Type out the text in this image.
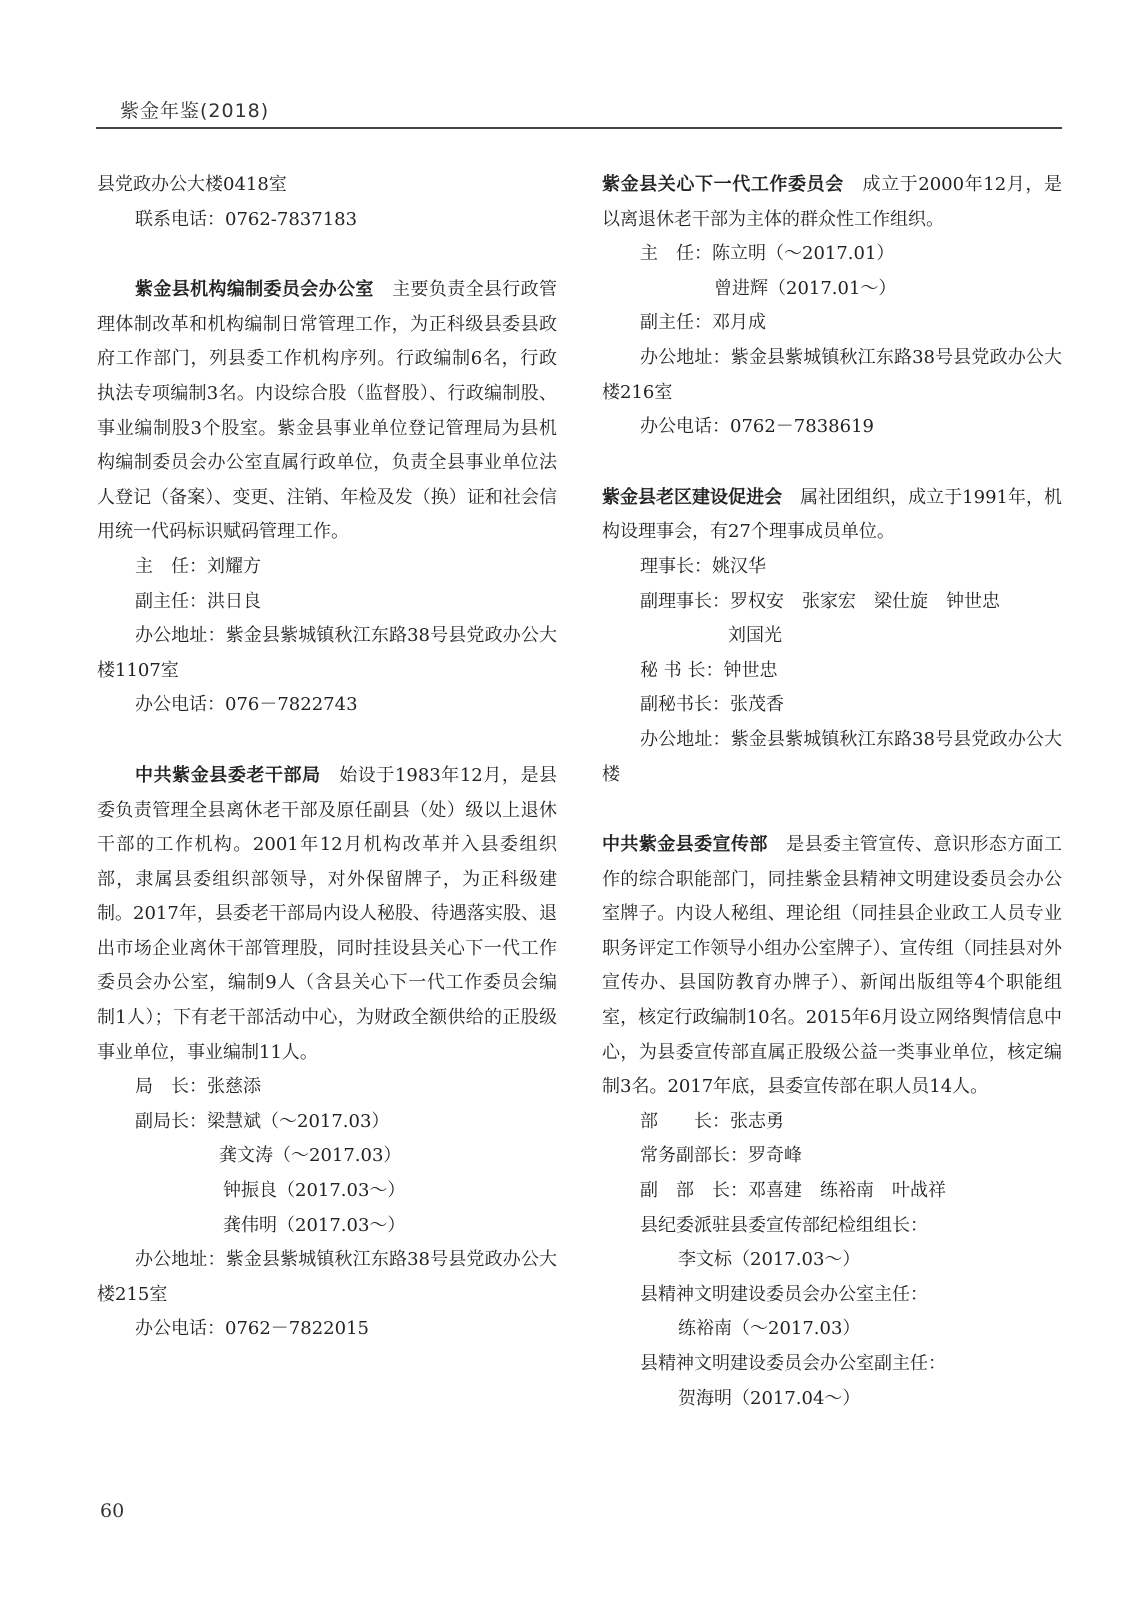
紫金年鉴(2018)

县党政办公大楼0418室

联系电话：0762-7837183

紫金县机构编制委员会办公室　 主要负责全县行政管理体制改革和机构编制日常管理工作，为正科级县委县政府工作部门，列县委工作机构序列。行政编制6名，行政执法专项编制3名。内设综合股（监督股）、行政编制股、事业编制股3个股室。紫金县事业单位登记管理局为县机构编制委员会办公室直属行政单位，负责全县事业单位法人登记（备案）、变更、注销、年检及发（换）证和社会信用统一代码标识赋码管理工作。

主　任：刘耀方

副主任：洪日良

办公地址：紫金县紫城镇秋江东路38号县党政办公大楼1107室

办公电话：076－7822743

中共紫金县委老干部局　 始设于1983年12月，是县委负责管理全县离休老干部及原任副县（处）级以上退休干部的工作机构。2001年12月机构改革并入县委组织部，隶属县委组织部领导，对外保留牌子，为正科级建制。2017年，县委老干部局内设人秘股、待遇落实股、退出市场企业离休干部管理股，同时挂设县关心下一代工作委员会办公室，编制9人（含县关心下一代工作委员会编制1人）；下有老干部活动中心，为财政全额供给的正股级事业单位，事业编制11人。

局　长：张慈添

副局长：梁慧斌（～2017.03）

龚文涛（～2017.03）

钟振良（2017.03～）

龚伟明（2017.03～）

办公地址：紫金县紫城镇秋江东路38号县党政办公大楼215室

办公电话：0762－7822015

紫金县关心下一代工作委员会　 成立于2000年12月，是以离退休老干部为主体的群众性工作组织。

主　任：陈立明（～2017.01）

曾进辉（2017.01～）

副主任：邓月成

办公地址：紫金县紫城镇秋江东路38号县党政办公大楼216室

办公电话：0762－7838619

紫金县老区建设促进会　 属社团组织，成立于1991年，机构设理事会，有27个理事成员单位。

理事长：姚汉华

副理事长：罗权安　张家宏　梁仕旋　钟世忠

刘国光

秘 书 长：钟世忠

副秘书长：张茂香

办公地址：紫金县紫城镇秋江东路38号县党政办公大楼

中共紫金县委宣传部　 是县委主管宣传、意识形态方面工作的综合职能部门，同挂紫金县精神文明建设委员会办公室牌子。内设人秘组、理论组（同挂县企业政工人员专业职务评定工作领导小组办公室牌子）、宣传组（同挂县对外宣传办、县国防教育办牌子）、新闻出版组等4个职能组室，核定行政编制10名。2015年6月设立网络舆情信息中心，为县委宣传部直属正股级公益一类事业单位，核定编制3名。2017年底，县委宣传部在职人员14人。

部　　长：张志勇

常务副部长：罗奇峰

副　部　长：邓喜建　练裕南　叶战祥

县纪委派驻县委宣传部纪检组组长：

李文标（2017.03～）

县精神文明建设委员会办公室主任：

练裕南（～2017.03）

县精神文明建设委员会办公室副主任：

贺海明（2017.04～）

60
